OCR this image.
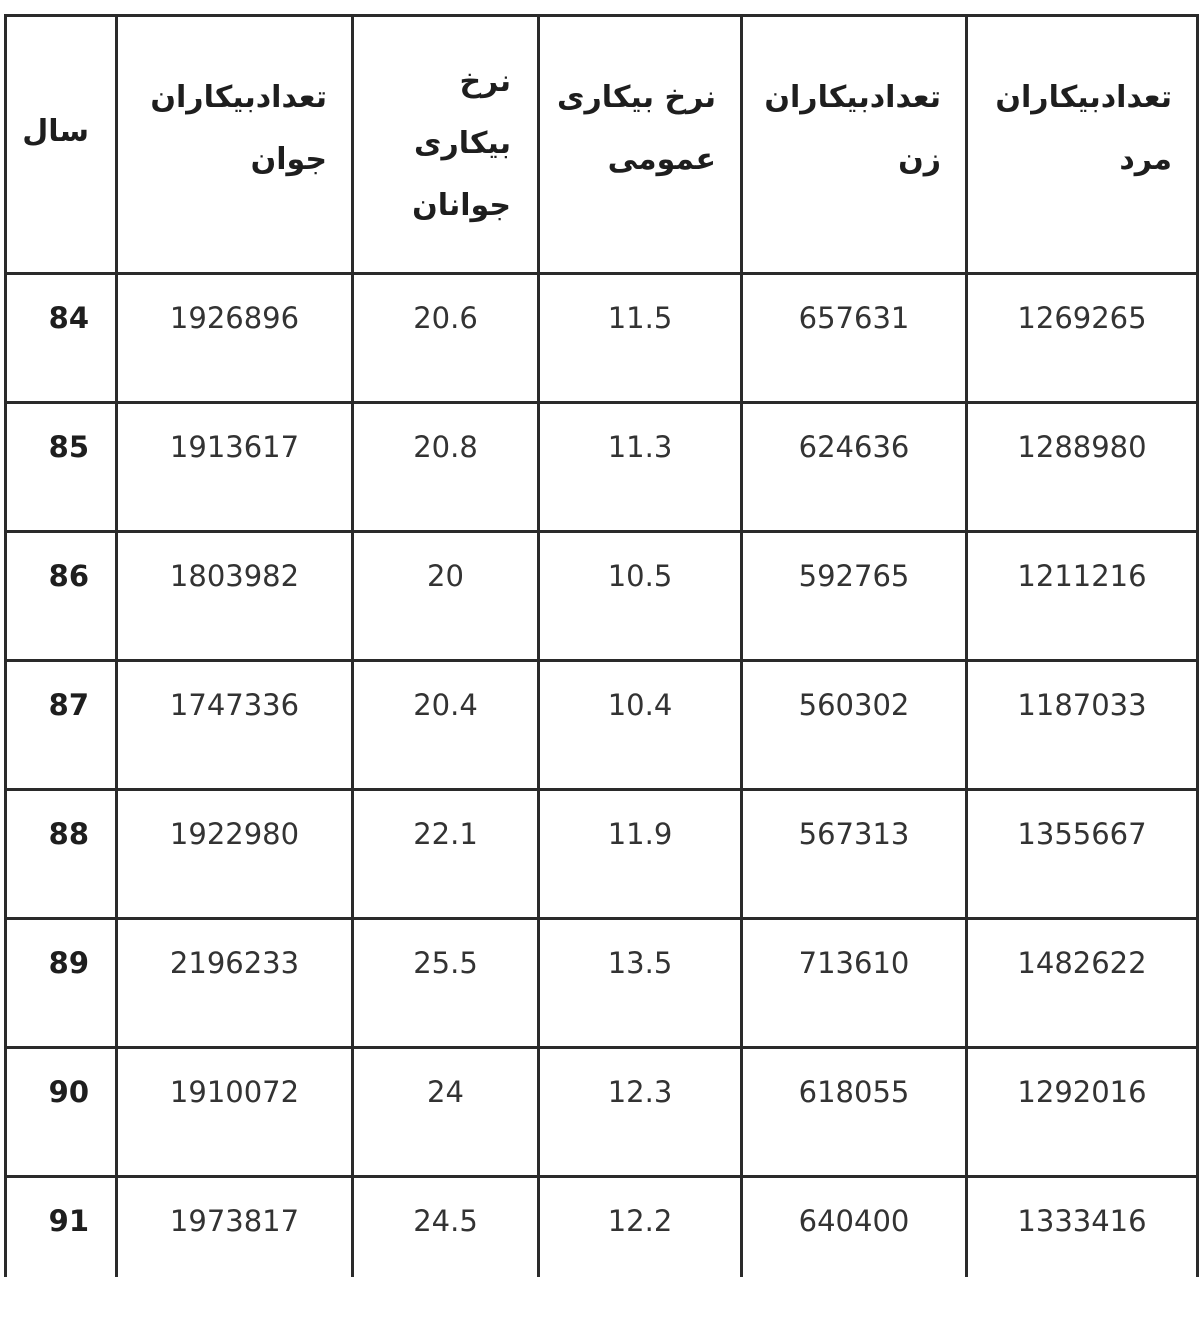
سال	تعدادبیکاران جوان	نرخ بیکاری جوانان	نرخ بیکاری عمومی	تعدادبیکاران زن	تعدادبیکاران مرد
84	1926896	20.6	11.5	657631	1269265
85	1913617	20.8	11.3	624636	1288980
86	1803982	20	10.5	592765	1211216
87	1747336	20.4	10.4	560302	1187033
88	1922980	22.1	11.9	567313	1355667
89	2196233	25.5	13.5	713610	1482622
90	1910072	24	12.3	618055	1292016
91	1973817	24.5	12.2	640400	1333416
